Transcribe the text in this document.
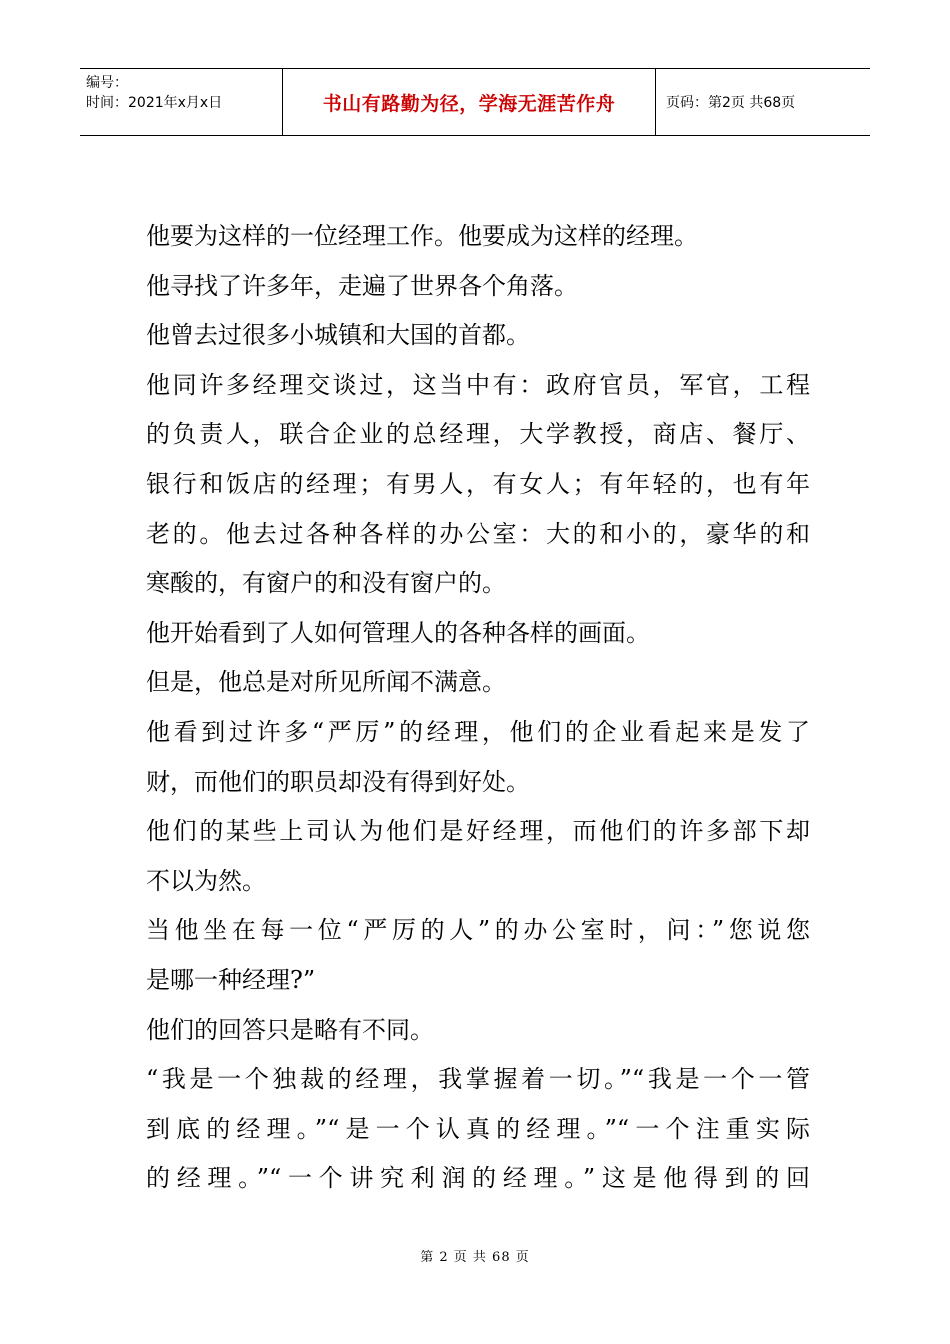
编号：
时间：2021年x月x日	书山有路勤为径，学海无涯苦作舟	页码：第2页 共68页
他要为这样的一位经理工作。他要成为这样的经理。
他寻找了许多年，走遍了世界各个角落。
他曾去过很多小城镇和大国的首都。
他同许多经理交谈过，这当中有：政府官员，军官，工程
的负责人，联合企业的总经理，大学教授，商店、餐厅、
银行和饭店的经理；有男人，有女人；有年轻的，也有年
老的。他去过各种各样的办公室：大的和小的，豪华的和
寒酸的，有窗户的和没有窗户的。
他开始看到了人如何管理人的各种各样的画面。
但是，他总是对所见所闻不满意。
他看到过许多“严厉”的经理，他们的企业看起来是发了
财，而他们的职员却没有得到好处。
他们的某些上司认为他们是好经理，而他们的许多部下却
不以为然。
当他坐在每一位“严厉的人”的办公室时，问：”您说您
是哪一种经理?”
他们的回答只是略有不同。
“我是一个独裁的经理，我掌握着一切。”“我是一个一管
到底的经理。”“是一个认真的经理。”“一个注重实际
的经理。”“一个讲究利润的经理。”这是他得到的回
第 2 页 共 68 页
